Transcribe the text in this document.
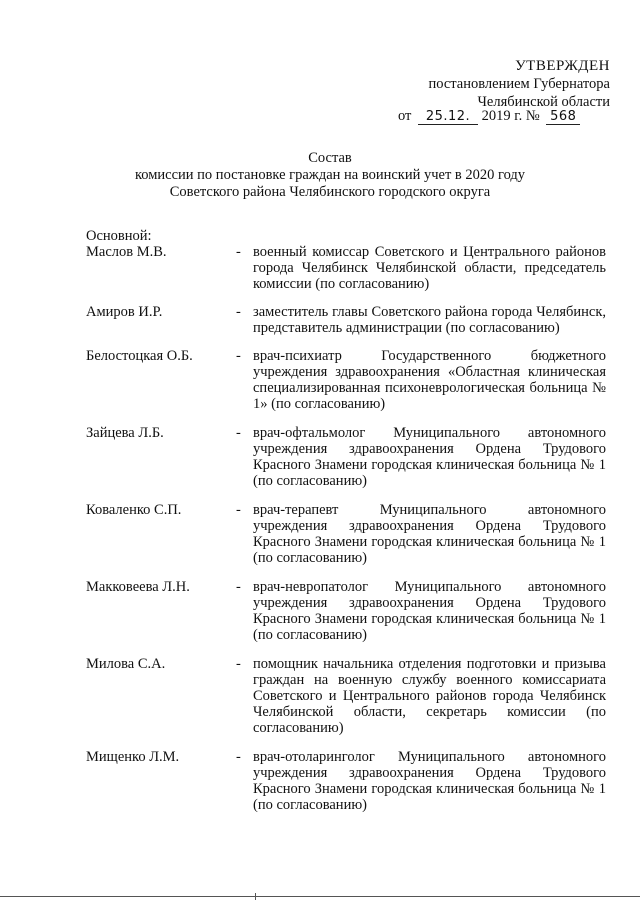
УТВЕРЖДЕН
постановлением Губернатора
Челябинской области
от 25.12. 2019 г. № 568
Состав
комиссии по постановке граждан на воинский учет в 2020 году
Советского района Челябинского городского округа
Основной:
Маслов М.В.	- военный комиссар Советского и Центрального районов города Челябинск Челябинской области, председатель комиссии (по согласованию)
Амиров И.Р.	- заместитель главы Советского района города Челябинск, представитель администрации (по согласованию)
Белостоцкая О.Б.	- врач-психиатр Государственного бюджетного учреждения здравоохранения «Областная клиническая специализированная психоневрологическая больница № 1» (по согласованию)
Зайцева Л.Б.	- врач-офтальмолог Муниципального автономного учреждения здравоохранения Ордена Трудового Красного Знамени городская клиническая больница № 1 (по согласованию)
Коваленко С.П.	- врач-терапевт Муниципального автономного учреждения здравоохранения Ордена Трудового Красного Знамени городская клиническая больница № 1 (по согласованию)
Макковеева Л.Н.	- врач-невропатолог Муниципального автономного учреждения здравоохранения Ордена Трудового Красного Знамени городская клиническая больница № 1 (по согласованию)
Милова С.А.	- помощник начальника отделения подготовки и призыва граждан на военную службу военного комиссариата Советского и Центрального районов города Челябинск Челябинской области, секретарь комиссии (по согласованию)
Мищенко Л.М.	- врач-отоларинголог Муниципального автономного учреждения здравоохранения Ордена Трудового Красного Знамени городская клиническая больница № 1 (по согласованию)
